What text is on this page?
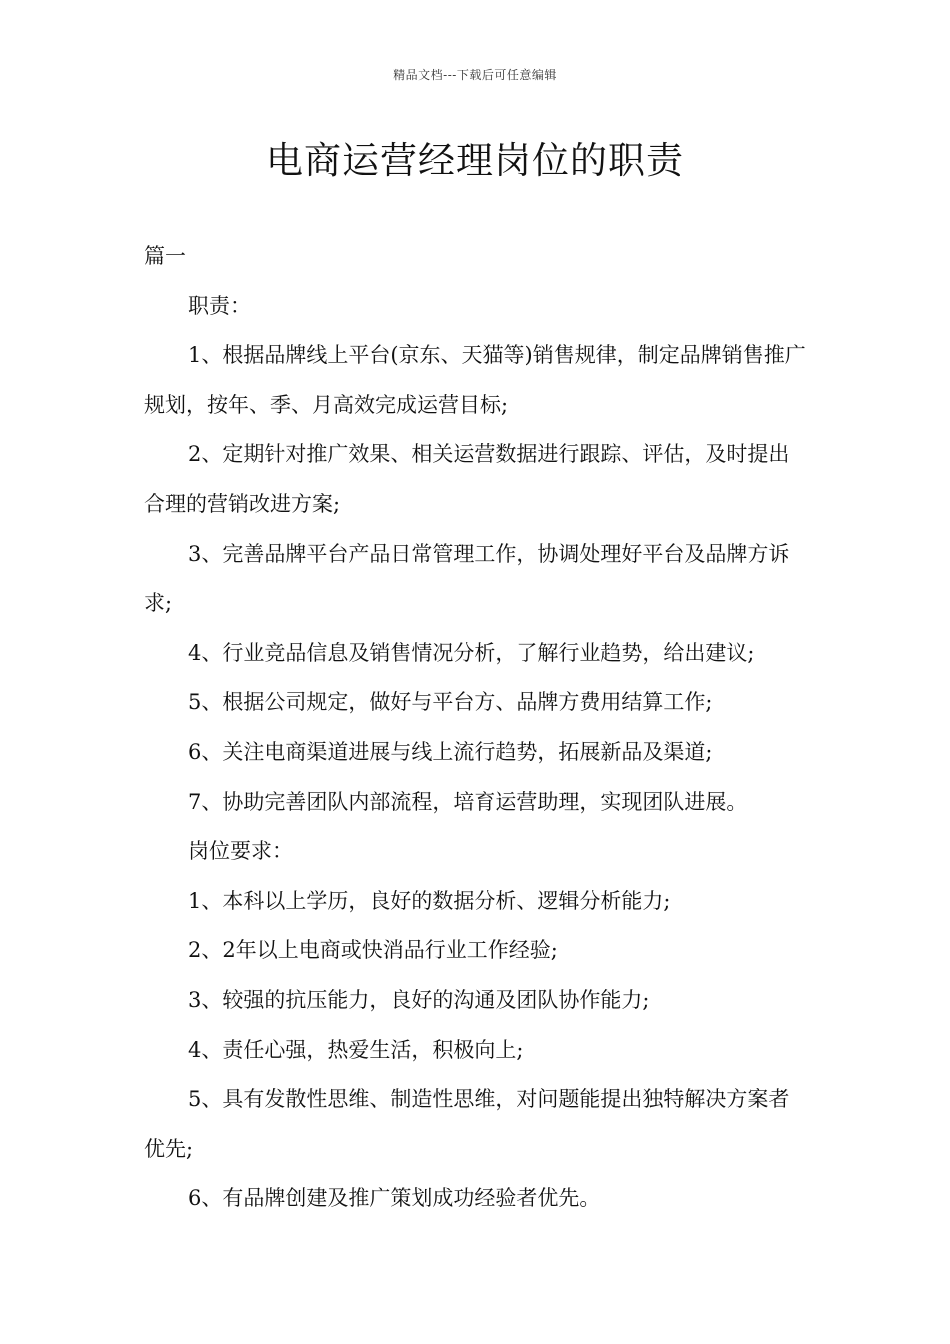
精品文档---下载后可任意编辑
电商运营经理岗位的职责

篇一

职责：

1、根据品牌线上平台(京东、天猫等)销售规律，制定品牌销售推广规划，按年、季、月高效完成运营目标;

2、定期针对推广效果、相关运营数据进行跟踪、评估，及时提出合理的营销改进方案;

3、完善品牌平台产品日常管理工作，协调处理好平台及品牌方诉求;

4、行业竞品信息及销售情况分析，了解行业趋势，给出建议;

5、根据公司规定，做好与平台方、品牌方费用结算工作;

6、关注电商渠道进展与线上流行趋势，拓展新品及渠道;

7、协助完善团队内部流程，培育运营助理，实现团队进展。

岗位要求：

1、本科以上学历，良好的数据分析、逻辑分析能力;

2、2年以上电商或快消品行业工作经验;

3、较强的抗压能力，良好的沟通及团队协作能力;

4、责任心强，热爱生活，积极向上;

5、具有发散性思维、制造性思维，对问题能提出独特解决方案者优先;

6、有品牌创建及推广策划成功经验者优先。
